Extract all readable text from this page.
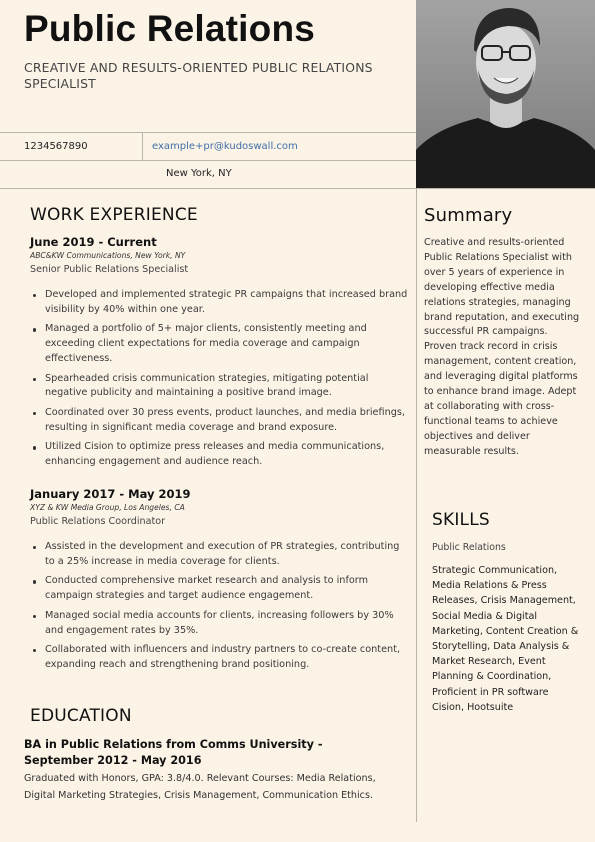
Public Relations
CREATIVE AND RESULTS-ORIENTED PUBLIC RELATIONS SPECIALIST
1234567890	example+pr@kudoswall.com
New York, NY
WORK EXPERIENCE
June 2019 - Current
ABC&KW Communications, New York, NY
Senior Public Relations Specialist
Developed and implemented strategic PR campaigns that increased brand visibility by 40% within one year.
Managed a portfolio of 5+ major clients, consistently meeting and exceeding client expectations for media coverage and campaign effectiveness.
Spearheaded crisis communication strategies, mitigating potential negative publicity and maintaining a positive brand image.
Coordinated over 30 press events, product launches, and media briefings, resulting in significant media coverage and brand exposure.
Utilized Cision to optimize press releases and media communications, enhancing engagement and audience reach.
January 2017 - May 2019
XYZ & KW Media Group, Los Angeles, CA
Public Relations Coordinator
Assisted in the development and execution of PR strategies, contributing to a 25% increase in media coverage for clients.
Conducted comprehensive market research and analysis to inform campaign strategies and target audience engagement.
Managed social media accounts for clients, increasing followers by 30% and engagement rates by 35%.
Collaborated with influencers and industry partners to co-create content, expanding reach and strengthening brand positioning.
EDUCATION
BA in Public Relations from Comms University - September 2012 - May 2016
Graduated with Honors, GPA: 3.8/4.0. Relevant Courses: Media Relations, Digital Marketing Strategies, Crisis Management, Communication Ethics.
Summary
Creative and results-oriented Public Relations Specialist with over 5 years of experience in developing effective media relations strategies, managing brand reputation, and executing successful PR campaigns. Proven track record in crisis management, content creation, and leveraging digital platforms to enhance brand image. Adept at collaborating with cross-functional teams to achieve objectives and deliver measurable results.
SKILLS
Public Relations
Strategic Communication, Media Relations & Press Releases, Crisis Management, Social Media & Digital Marketing, Content Creation & Storytelling, Data Analysis & Market Research, Event Planning & Coordination, Proficient in PR software Cision, Hootsuite
